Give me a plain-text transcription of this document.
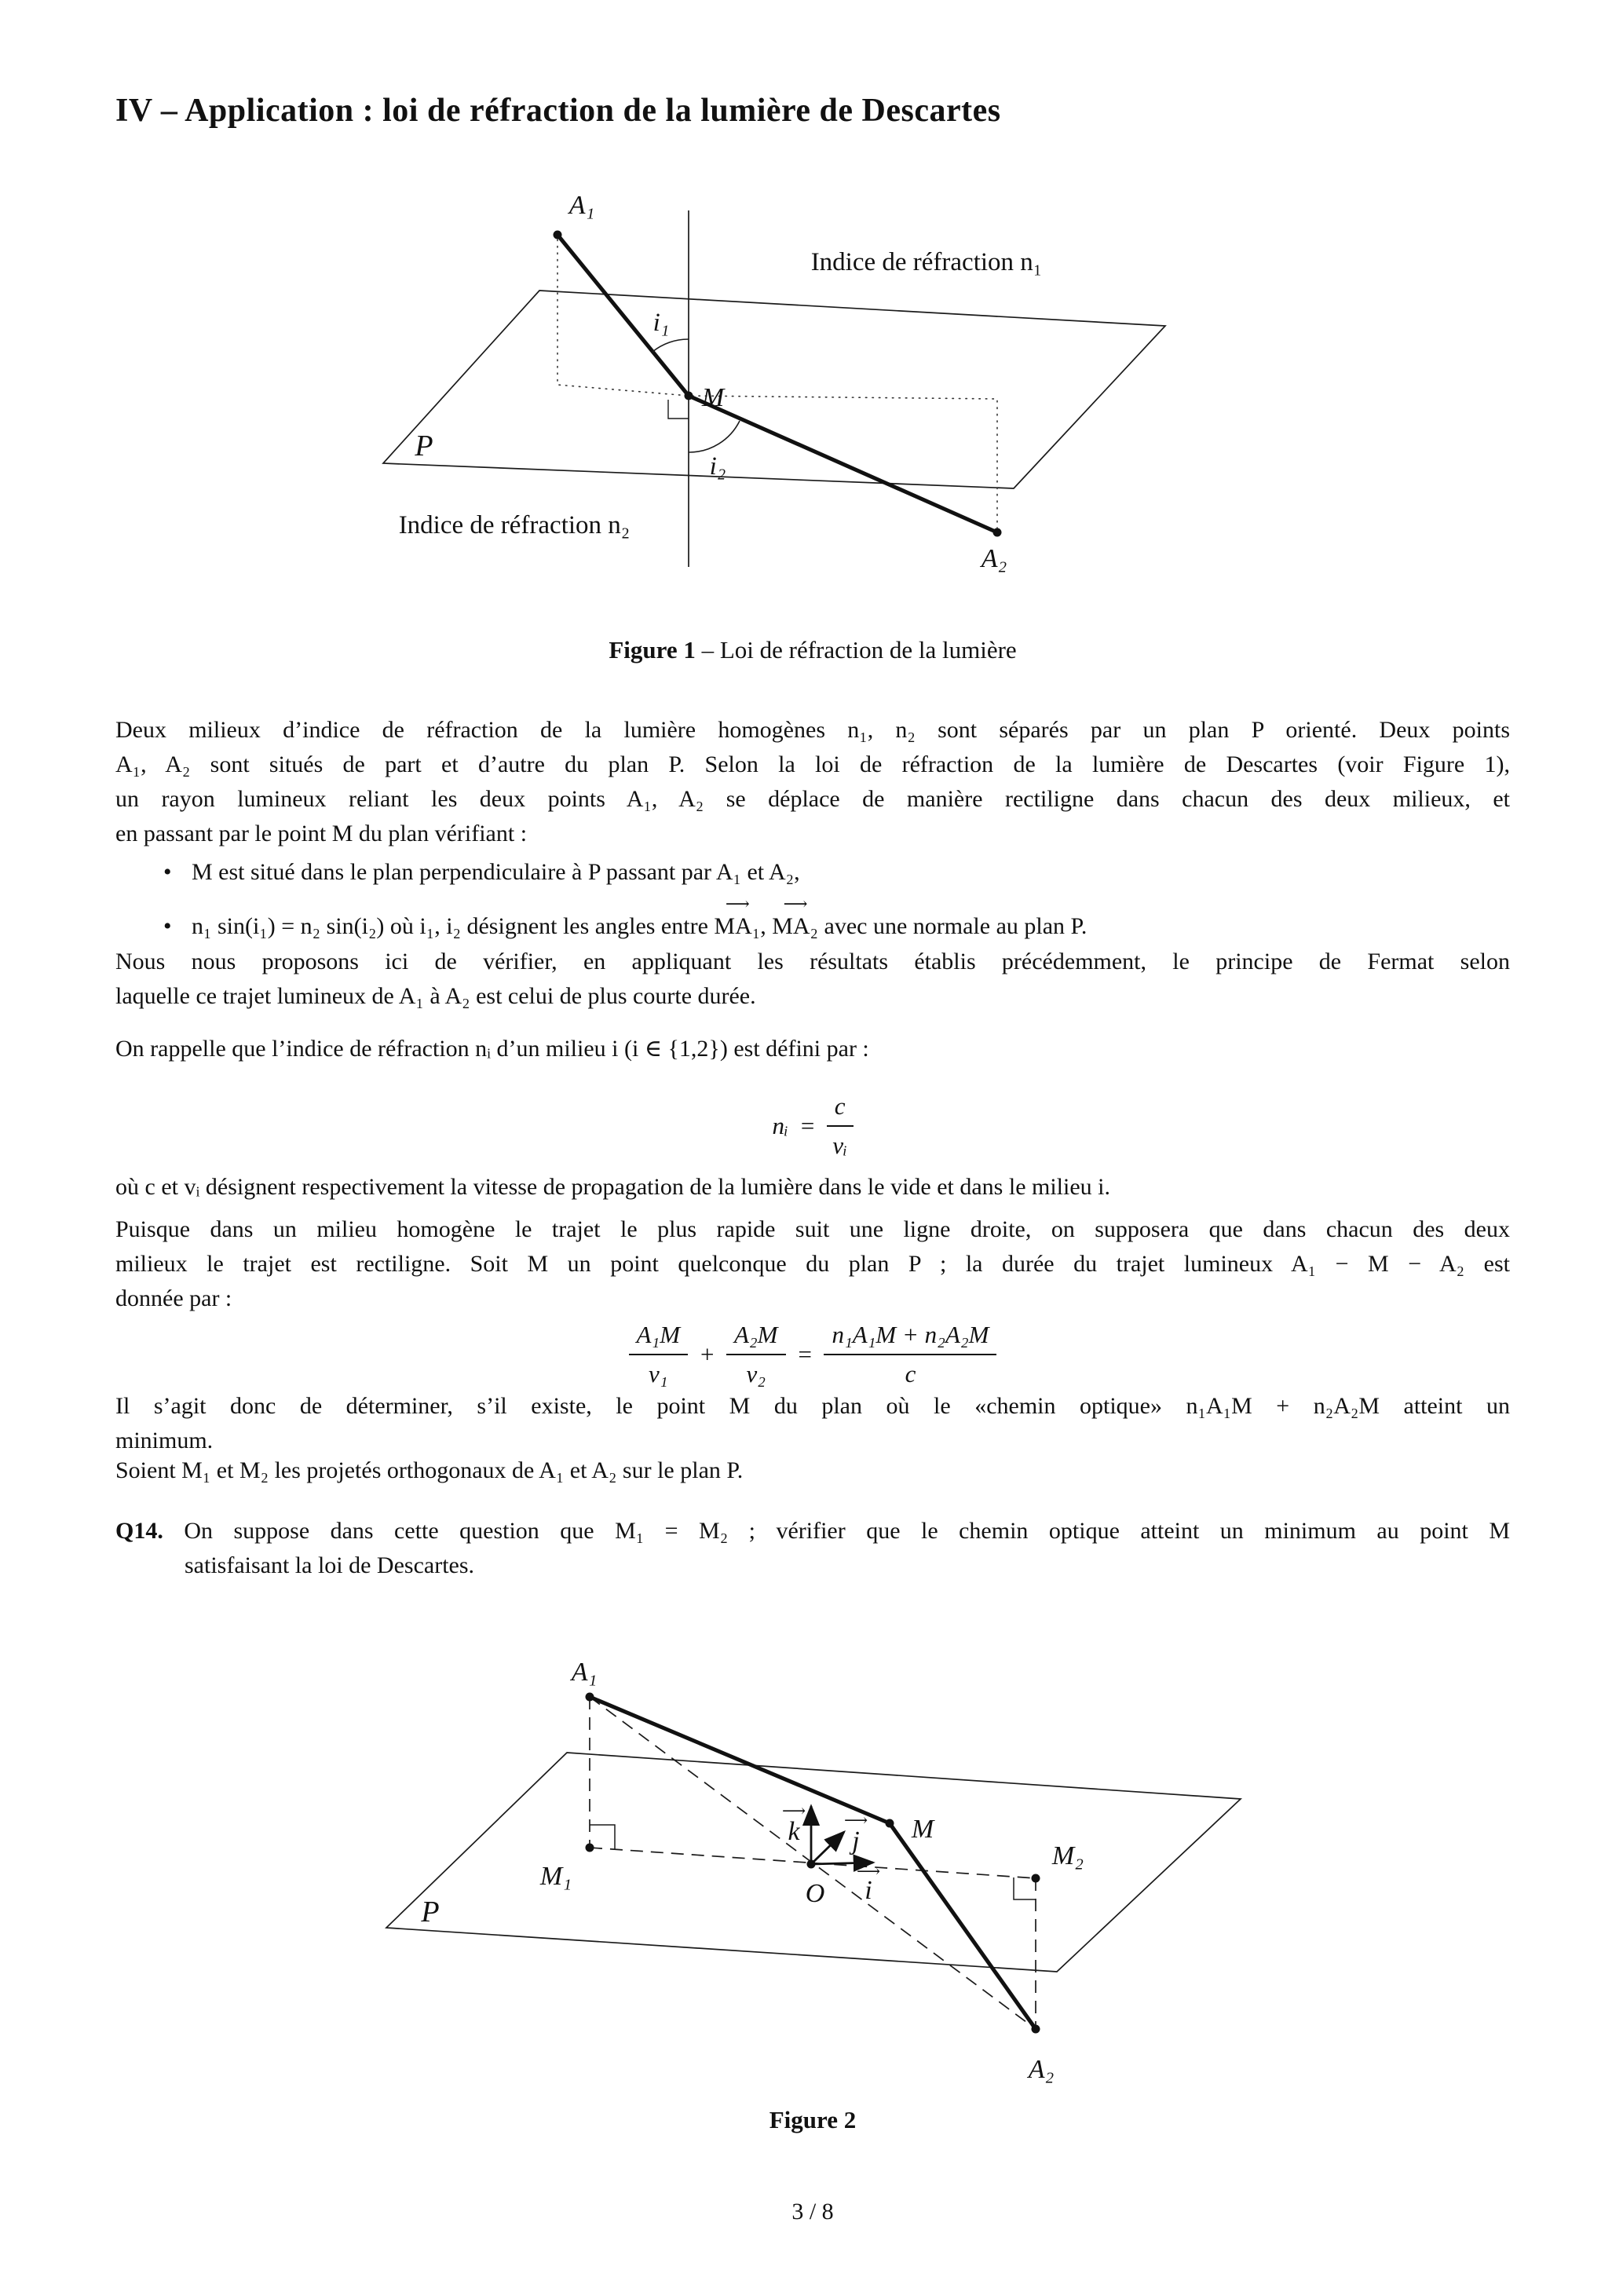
IV – Application : loi de réfraction de la lumière de Descartes
A₁
M
A₂
P
i₁
i₂
Indice de réfraction n₁
Indice de réfraction n₂
Figure 1 – Loi de réfraction de la lumière
Deux milieux d’indice de réfraction de la lumière homogènes n₁, n₂ sont séparés par un plan P orienté. Deux points
A₁, A₂ sont situés de part et d’autre du plan P. Selon la loi de réfraction de la lumière de Descartes (voir Figure 1),
un rayon lumineux reliant les deux points A₁, A₂ se déplace de manière rectiligne dans chacun des deux milieux, et
en passant par le point M du plan vérifiant :
• M est situé dans le plan perpendiculaire à P passant par A₁ et A₂,
• n₁ sin(i₁) = n₂ sin(i₂) où i₁, i₂ désignent les angles entre
⟶
MA₁,
⟶
MA₂ avec une normale au plan P.
Nous nous proposons ici de vérifier, en appliquant les résultats établis précédemment, le principe de Fermat selon
laquelle ce trajet lumineux de A₁ à A₂ est celui de plus courte durée.
On rappelle que l’indice de réfraction nᵢ d’un milieu i (i ∈ {1,2}) est défini par :
nᵢ = $\frac{c}{\text{vᵢ}}$
où c et vᵢ désignent respectivement la vitesse de propagation de la lumière dans le vide et dans le milieu i.
Puisque dans un milieu homogène le trajet le plus rapide suit une ligne droite, on supposera que dans chacun des deux
milieux le trajet est rectiligne. Soit M un point quelconque du plan P ; la durée du trajet lumineux A₁ − M − A₂ est
donnée par :
$\frac{\text{A₁M}}{\text{v₁}} + \frac{\text{A₂M}}{\text{v₂}} = \frac{\text{n₁A₁M + n₂A₂M}}{c}$
Il s’agit donc de déterminer, s’il existe, le point M du plan où le «chemin optique» n₁A₁M + n₂A₂M atteint un
minimum.
Soient M₁ et M₂ les projetés orthogonaux de A₁ et A₂ sur le plan P.
Q14. On suppose dans cette question que M₁ = M₂ ; vérifier que le chemin optique atteint un minimum au point M
satisfaisant la loi de Descartes.
A₁
M₁
O
M
M₂
A₂
P
⟶
k	⟶
j
⟶
i
Figure 2
3 / 8
